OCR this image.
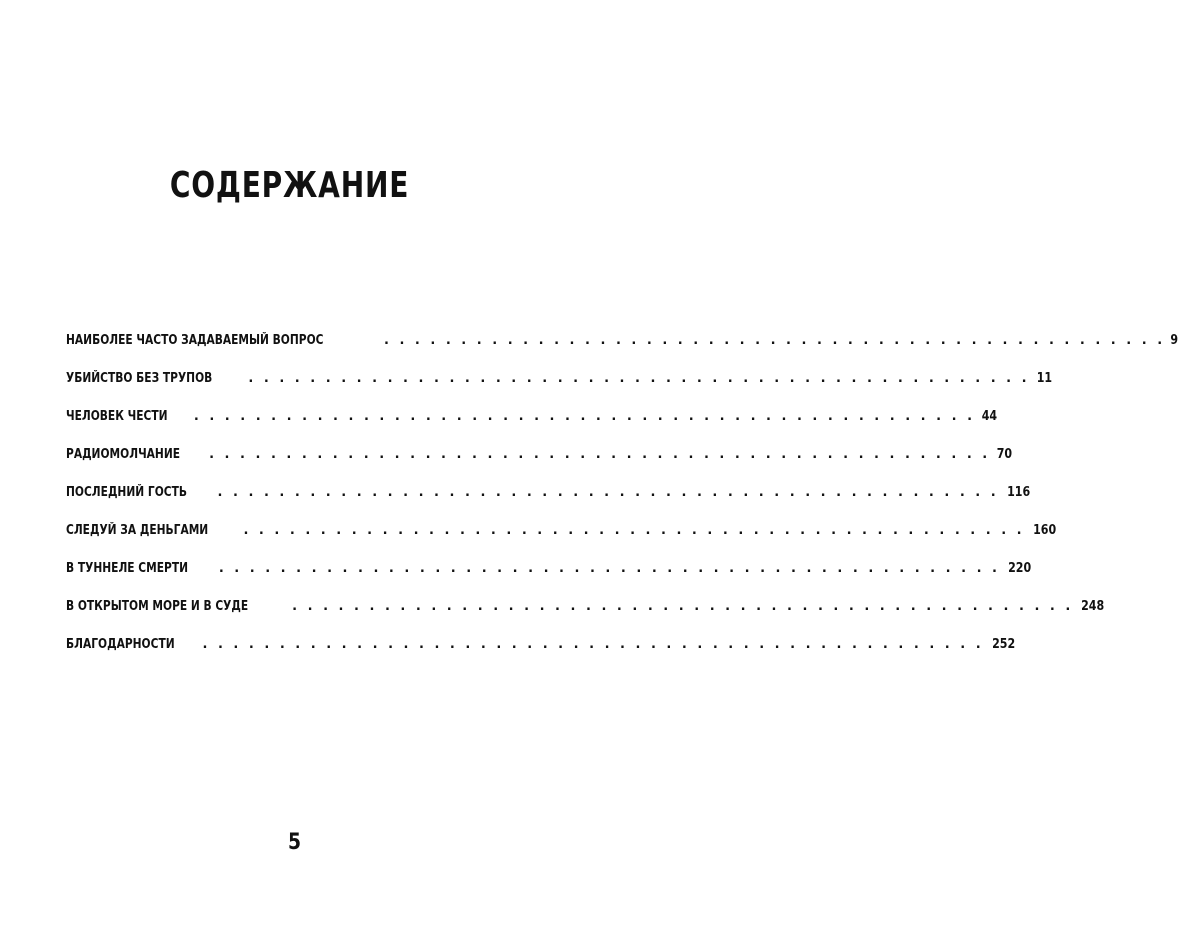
СОДЕРЖАНИЕ
НАИБОЛЕЕ ЧАСТО ЗАДАВАЕМЫЙ ВОПРОС	. . . . . . . . . . . . . . . . . . . . . . . . . . . . . . . . . . . . . . . . . . . . . . . . . . . 9
УБИЙСТВО БЕЗ ТРУПОВ	. . . . . . . . . . . . . . . . . . . . . . . . . . . . . . . . . . . . . . . . . . . . . . . . . . . 11
ЧЕЛОВЕК ЧЕСТИ . . . . . . . . . . . . . . . . . . . . . . . . . . . . . . . . . . . . . . . . . . . . . . . . . . . 44
РАДИОМОЛЧАНИЕ . . . . . . . . . . . . . . . . . . . . . . . . . . . . . . . . . . . . . . . . . . . . . . . . . . . 70
ПОСЛЕДНИЙ ГОСТЬ . . . . . . . . . . . . . . . . . . . . . . . . . . . . . . . . . . . . . . . . . . . . . . . . . . . 116
СЛЕДУЙ ЗА ДЕНЬГАМИ	. . . . . . . . . . . . . . . . . . . . . . . . . . . . . . . . . . . . . . . . . . . . . . . . . . . 160
В ТУННЕЛЕ СМЕРТИ . . . . . . . . . . . . . . . . . . . . . . . . . . . . . . . . . . . . . . . . . . . . . . . . . . . 220
В ОТКРЫТОМ МОРЕ И В СУДЕ	. . . . . . . . . . . . . . . . . . . . . . . . . . . . . . . . . . . . . . . . . . . . . . . . . . . 248
БЛАГОДАРНОСТИ . . . . . . . . . . . . . . . . . . . . . . . . . . . . . . . . . . . . . . . . . . . . . . . . . . . 252
5
